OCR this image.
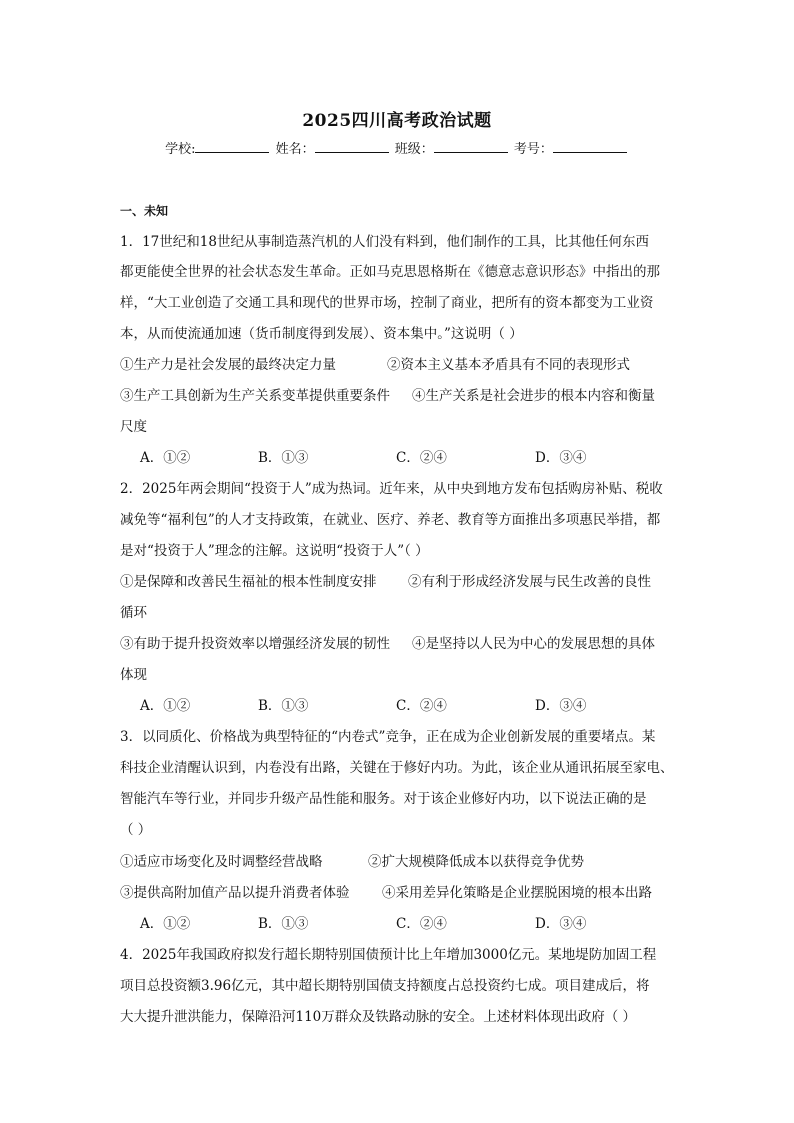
2025四川高考政治试题
学校:	姓名：	班级：	考号：
一、未知
1．17世纪和18世纪从事制造蒸汽机的人们没有料到，他们制作的工具，比其他任何东西
都更能使全世界的社会状态发生革命。正如马克思恩格斯在《德意志意识形态》中指出的那
样，“大工业创造了交通工具和现代的世界市场，控制了商业，把所有的资本都变为工业资
本，从而使流通加速（货币制度得到发展）、资本集中。”这说明（ ）
①生产力是社会发展的最终决定力量	②资本主义基本矛盾具有不同的表现形式
③生产工具创新为生产关系变革提供重要条件 ④生产关系是社会进步的根本内容和衡量
尺度
A．①②	B．①③	C．②④	D．③④
2．2025年两会期间“投资于人”成为热词。近年来，从中央到地方发布包括购房补贴、税收
减免等“福利包”的人才支持政策，在就业、医疗、养老、教育等方面推出多项惠民举措，都
是对“投资于人”理念的注解。这说明“投资于人”（ ）
①是保障和改善民生福祉的根本性制度安排 ②有利于形成经济发展与民生改善的良性
循环
③有助于提升投资效率以增强经济发展的韧性 ④是坚持以人民为中心的发展思想的具体
体现
A．①②	B．①③	C．②④	D．③④
3．以同质化、价格战为典型特征的“内卷式”竞争，正在成为企业创新发展的重要堵点。某
科技企业清醒认识到，内卷没有出路，关键在于修好内功。为此，该企业从通讯拓展至家电、
智能汽车等行业，并同步升级产品性能和服务。对于该企业修好内功，以下说法正确的是
（ ）
①适应市场变化及时调整经营战略	②扩大规模降低成本以获得竞争优势
③提供高附加值产品以提升消费者体验 ④采用差异化策略是企业摆脱困境的根本出路
A．①②	B．①③	C．②④	D．③④
4．2025年我国政府拟发行超长期特别国债预计比上年增加3000亿元。某地堤防加固工程
项目总投资额3.96亿元，其中超长期特别国债支持额度占总投资约七成。项目建成后，将
大大提升泄洪能力，保障沿河110万群众及铁路动脉的安全。上述材料体现出政府（ ）
